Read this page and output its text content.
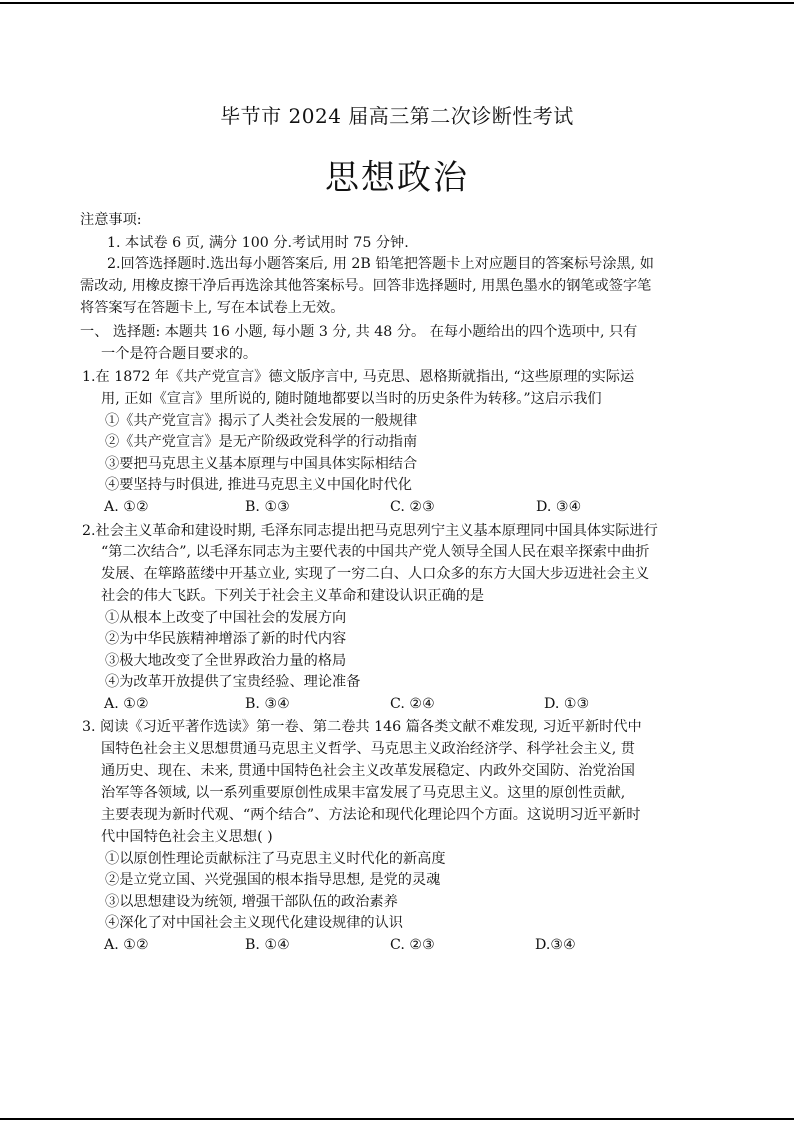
毕节市 2024 届高三第二次诊断性考试
思想政治
注意事项:
1. 本试卷 6 页, 满分 100 分.考试用时 75 分钟.
2.回答选择题时.选出每小题答案后, 用 2B 铅笔把答题卡上对应题目的答案标号涂黑, 如
需改动, 用橡皮擦干净后再选涂其他答案标号。回答非选择题时, 用黑色墨水的钢笔或签字笔
将答案写在答题卡上, 写在本试卷上无效。
一、 选择题: 本题共 16 小题, 每小题 3 分, 共 48 分。 在每小题给出的四个选项中, 只有
一个是符合题目要求的。
1.在 1872 年《共产党宣言》德文版序言中, 马克思、恩格斯就指出, “这些原理的实际运
用, 正如《宣言》里所说的, 随时随地都要以当时的历史条件为转移。”这启示我们
①《共产党宣言》揭示了人类社会发展的一般规律
②《共产党宣言》是无产阶级政党科学的行动指南
③要把马克思主义基本原理与中国具体实际相结合
④要坚持与时俱进, 推进马克思主义中国化时代化
A. ①②	B. ①③	C. ②③	D. ③④
2.社会主义革命和建设时期, 毛泽东同志提出把马克思列宁主义基本原理同中国具体实际进行
“第二次结合”, 以毛泽东同志为主要代表的中国共产党人领导全国人民在艰辛探索中曲折
发展、在筚路蓝缕中开基立业, 实现了一穷二白、人口众多的东方大国大步迈进社会主义
社会的伟大飞跃。下列关于社会主义革命和建设认识正确的是
①从根本上改变了中国社会的发展方向
②为中华民族精神增添了新的时代内容
③极大地改变了全世界政治力量的格局
④为改革开放提供了宝贵经验、理论准备
A. ①②	B. ③④	C. ②④	D. ①③
3. 阅读《习近平著作选读》第一卷、第二卷共 146 篇各类文献不难发现, 习近平新时代中
国特色社会主义思想贯通马克思主义哲学、马克思主义政治经济学、科学社会主义, 贯
通历史、现在、未来, 贯通中国特色社会主义改革发展稳定、内政外交国防、治党治国
治军等各领域, 以一系列重要原创性成果丰富发展了马克思主义。这里的原创性贡献,
主要表现为新时代观、“两个结合”、方法论和现代化理论四个方面。这说明习近平新时
代中国特色社会主义思想( )
①以原创性理论贡献标注了马克思主义时代化的新高度
②是立党立国、兴党强国的根本指导思想, 是党的灵魂
③以思想建设为统领, 增强干部队伍的政治素养
④深化了对中国社会主义现代化建设规律的认识
A. ①②	B. ①④	C. ②③	D.③④
